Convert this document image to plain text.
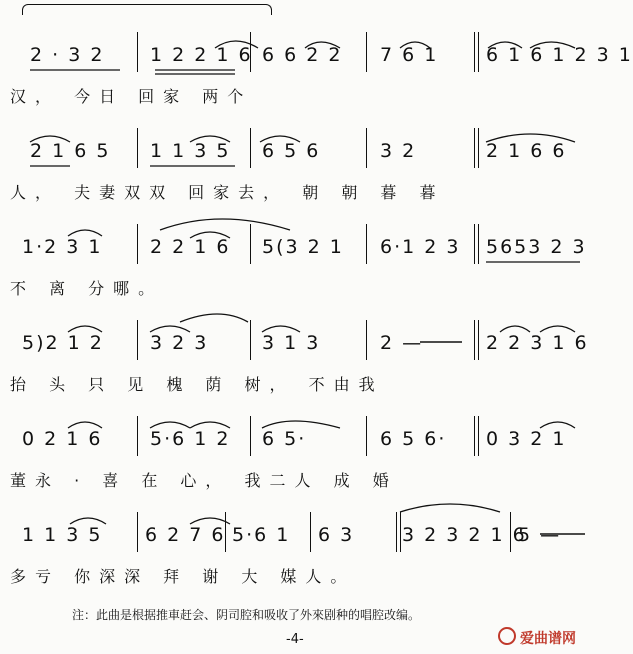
2 · 3 2 1 2 2 1 6 6 6 2 2 7 6 1	6 1 6 1 2 3 1
汉， 今日 回家 两个
2 1 6 5 1 1 3 5 6 5 6	3 2	2 1 6 6
人， 夫妻双双 回家去， 朝 朝 暮 暮
1·2 3 1	2 2 1 6 5(3 2 1 6·1 2 3 5653 2 3
不 离 分哪。
5)2 1 2 3 2 3	3 1 3	2 —	2 2 3 1 6
抬 头 只 见 槐 荫 树， 不由我
0 2 1 6	5·6 1 2 6 5·	6 5 6· 0 3 2 1
董永 · 喜 在 心， 我二人 成 婚
1 1 3 5 6 2 7 6 5·6 1 6 3	3 2 3 2 1 6
5 —
多亏 你深深 拜 谢 大 媒人。
注：此曲是根据推車赶会、阴司腔和吸收了外來剧种的唱腔改编。
-4-	爱曲谱网
